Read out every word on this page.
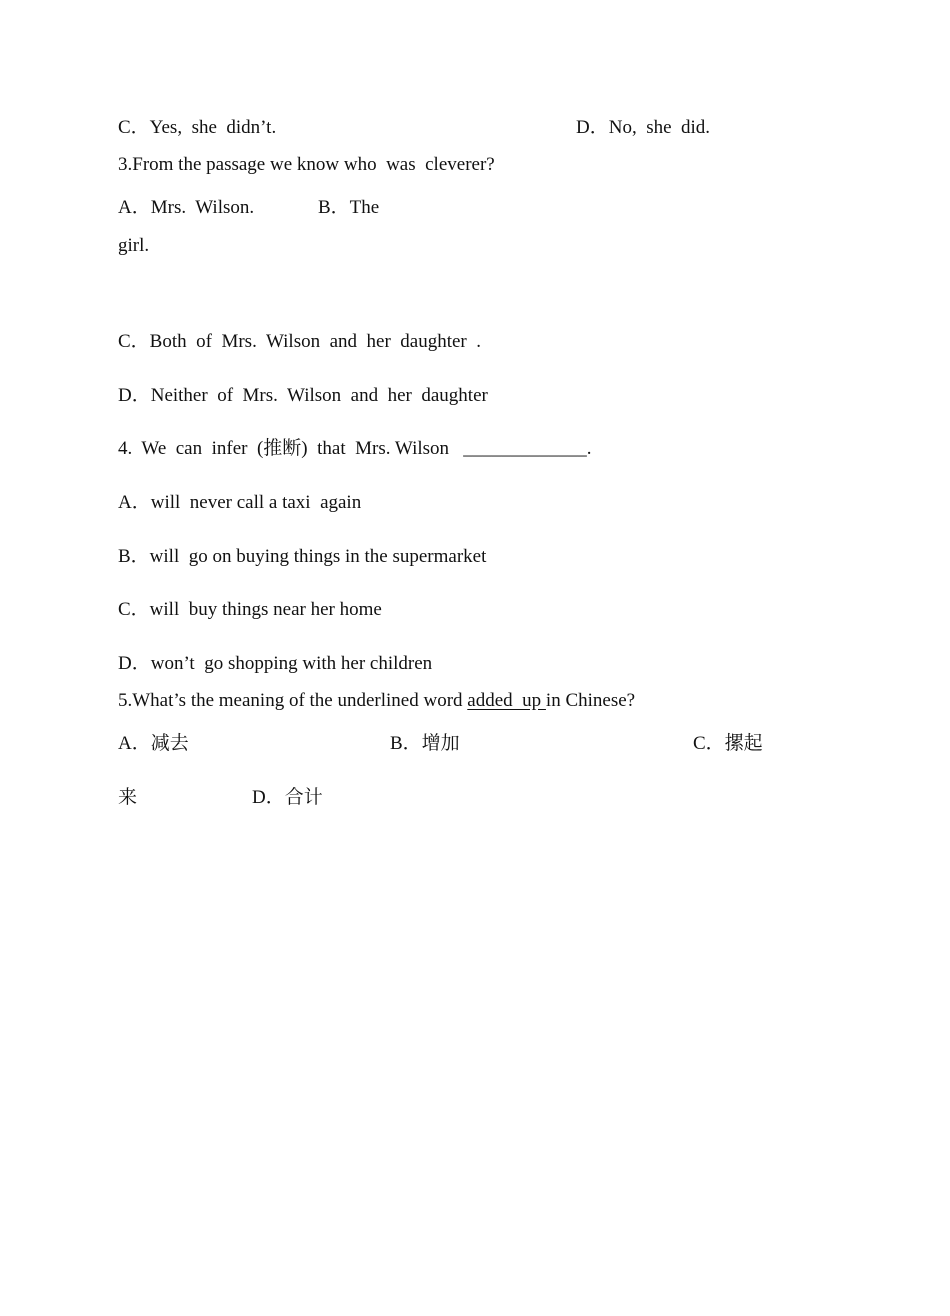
C．Yes,  she  didn’t.	D．No,  she  did.
3.From the passage we know who  was  cleverer?
A．Mrs.  Wilson.	B．The
girl.
C．Both  of  Mrs.  Wilson  and  her  daughter  .
D．Neither  of  Mrs.  Wilson  and  her  daughter
4.  We  can  infer  (推断)  that  Mrs. Wilson   _____________.
A．will  never call a taxi  again
B．will  go on buying things in the supermarket
C．will  buy things near her home
D．won’t  go shopping with her children
5.What’s the meaning of the underlined word added  up in Chinese?
A．减去	B．增加	C．摞起
来	D．合计
